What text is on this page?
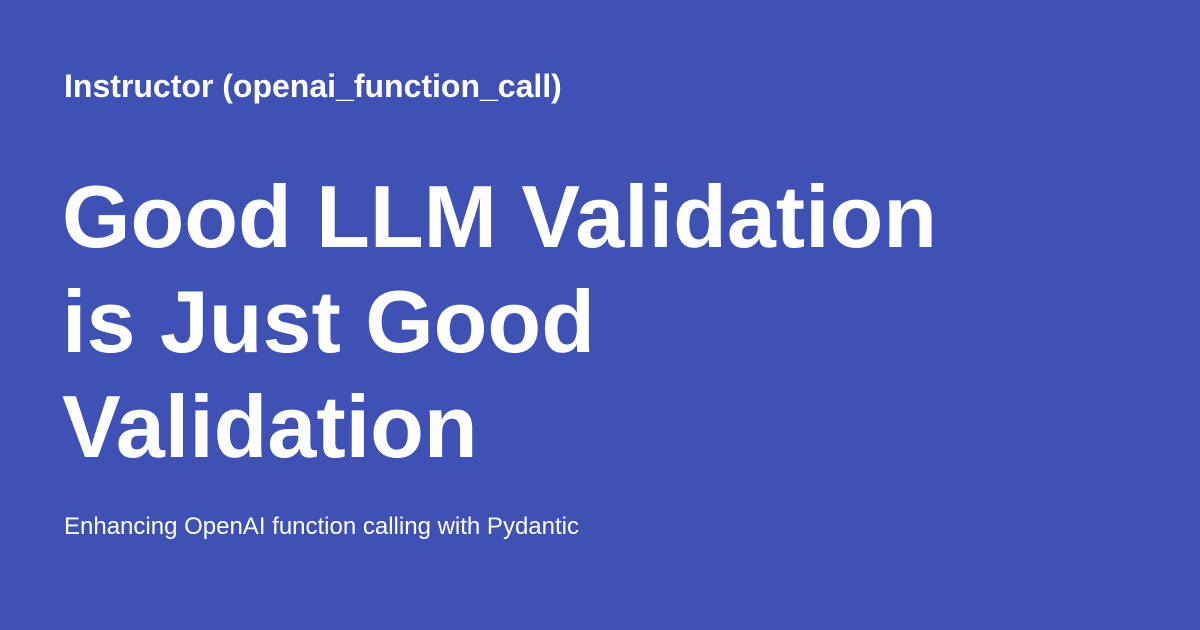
Instructor (openai_function_call)
Good LLM Validation
is Just Good
Validation
Enhancing OpenAI function calling with Pydantic
